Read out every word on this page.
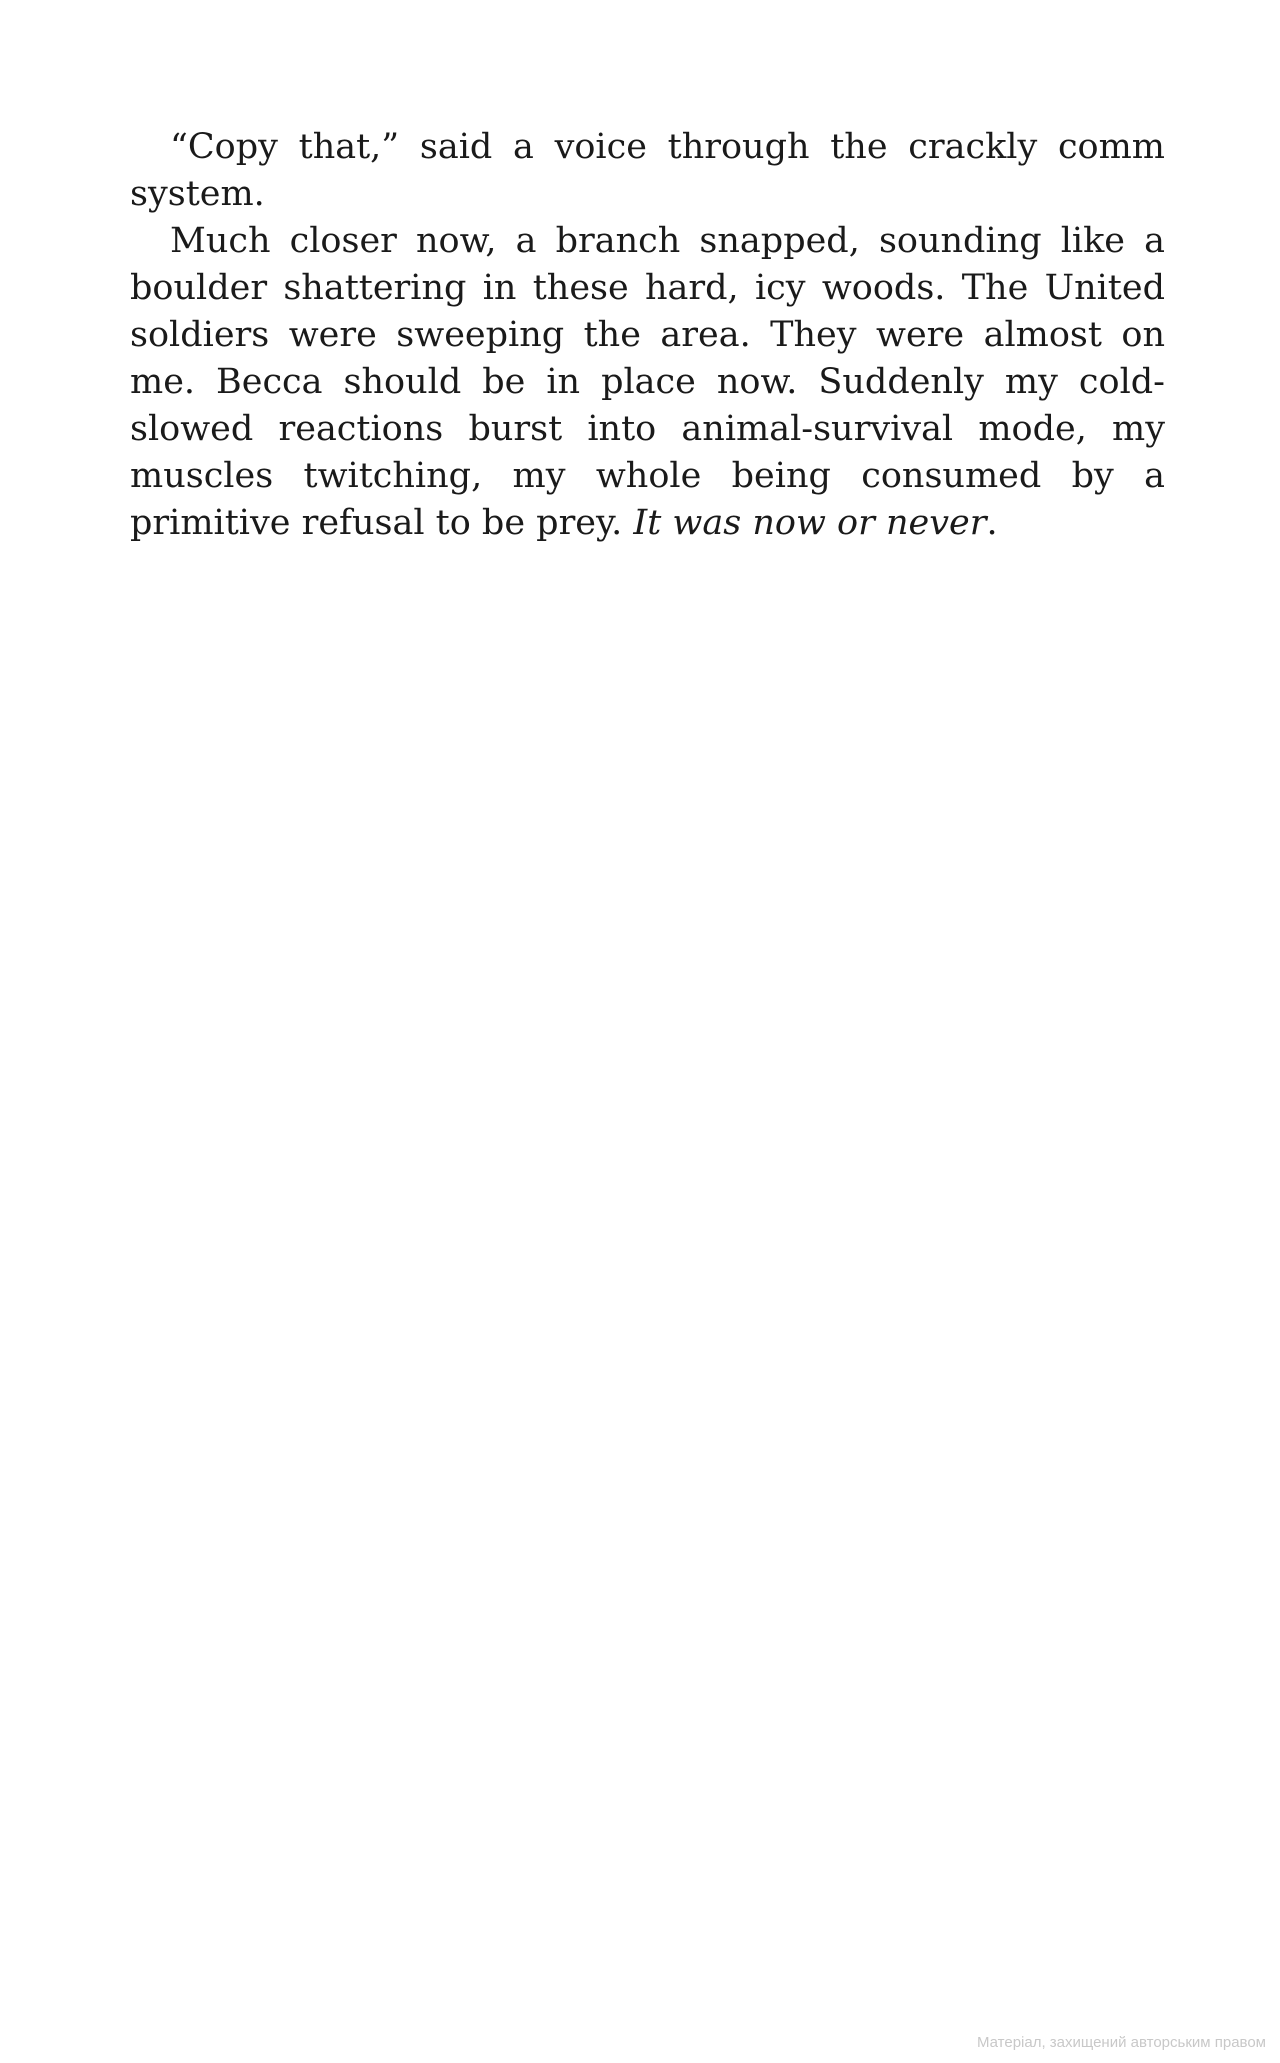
“Copy that,” said a voice through the crackly comm system.

Much closer now, a branch snapped, sounding like a boulder shattering in these hard, icy woods. The United soldiers were sweeping the area. They were almost on me. Becca should be in place now. Suddenly my cold-slowed reactions burst into animal-survival mode, my muscles twitching, my whole being consumed by a primitive refusal to be prey. It was now or never.

Матеріал, захищений авторським правом
